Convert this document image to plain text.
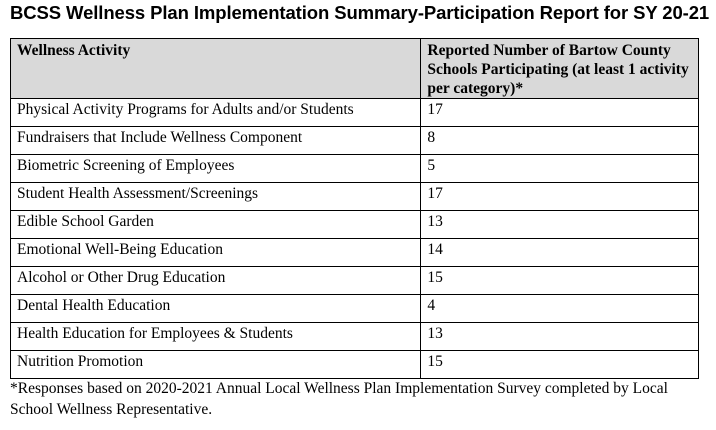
BCSS Wellness Plan Implementation Summary-Participation Report for SY 20-21
Wellness Activity	Reported Number of Bartow County Schools Participating (at least 1 activity per category)*
Physical Activity Programs for Adults and/or Students	17
Fundraisers that Include Wellness Component	8
Biometric Screening of Employees	5
Student Health Assessment/Screenings	17
Edible School Garden	13
Emotional Well-Being Education	14
Alcohol or Other Drug Education	15
Dental Health Education	4
Health Education for Employees & Students	13
Nutrition Promotion	15
*Responses based on 2020-2021 Annual Local Wellness Plan Implementation Survey completed by Local School Wellness Representative.
